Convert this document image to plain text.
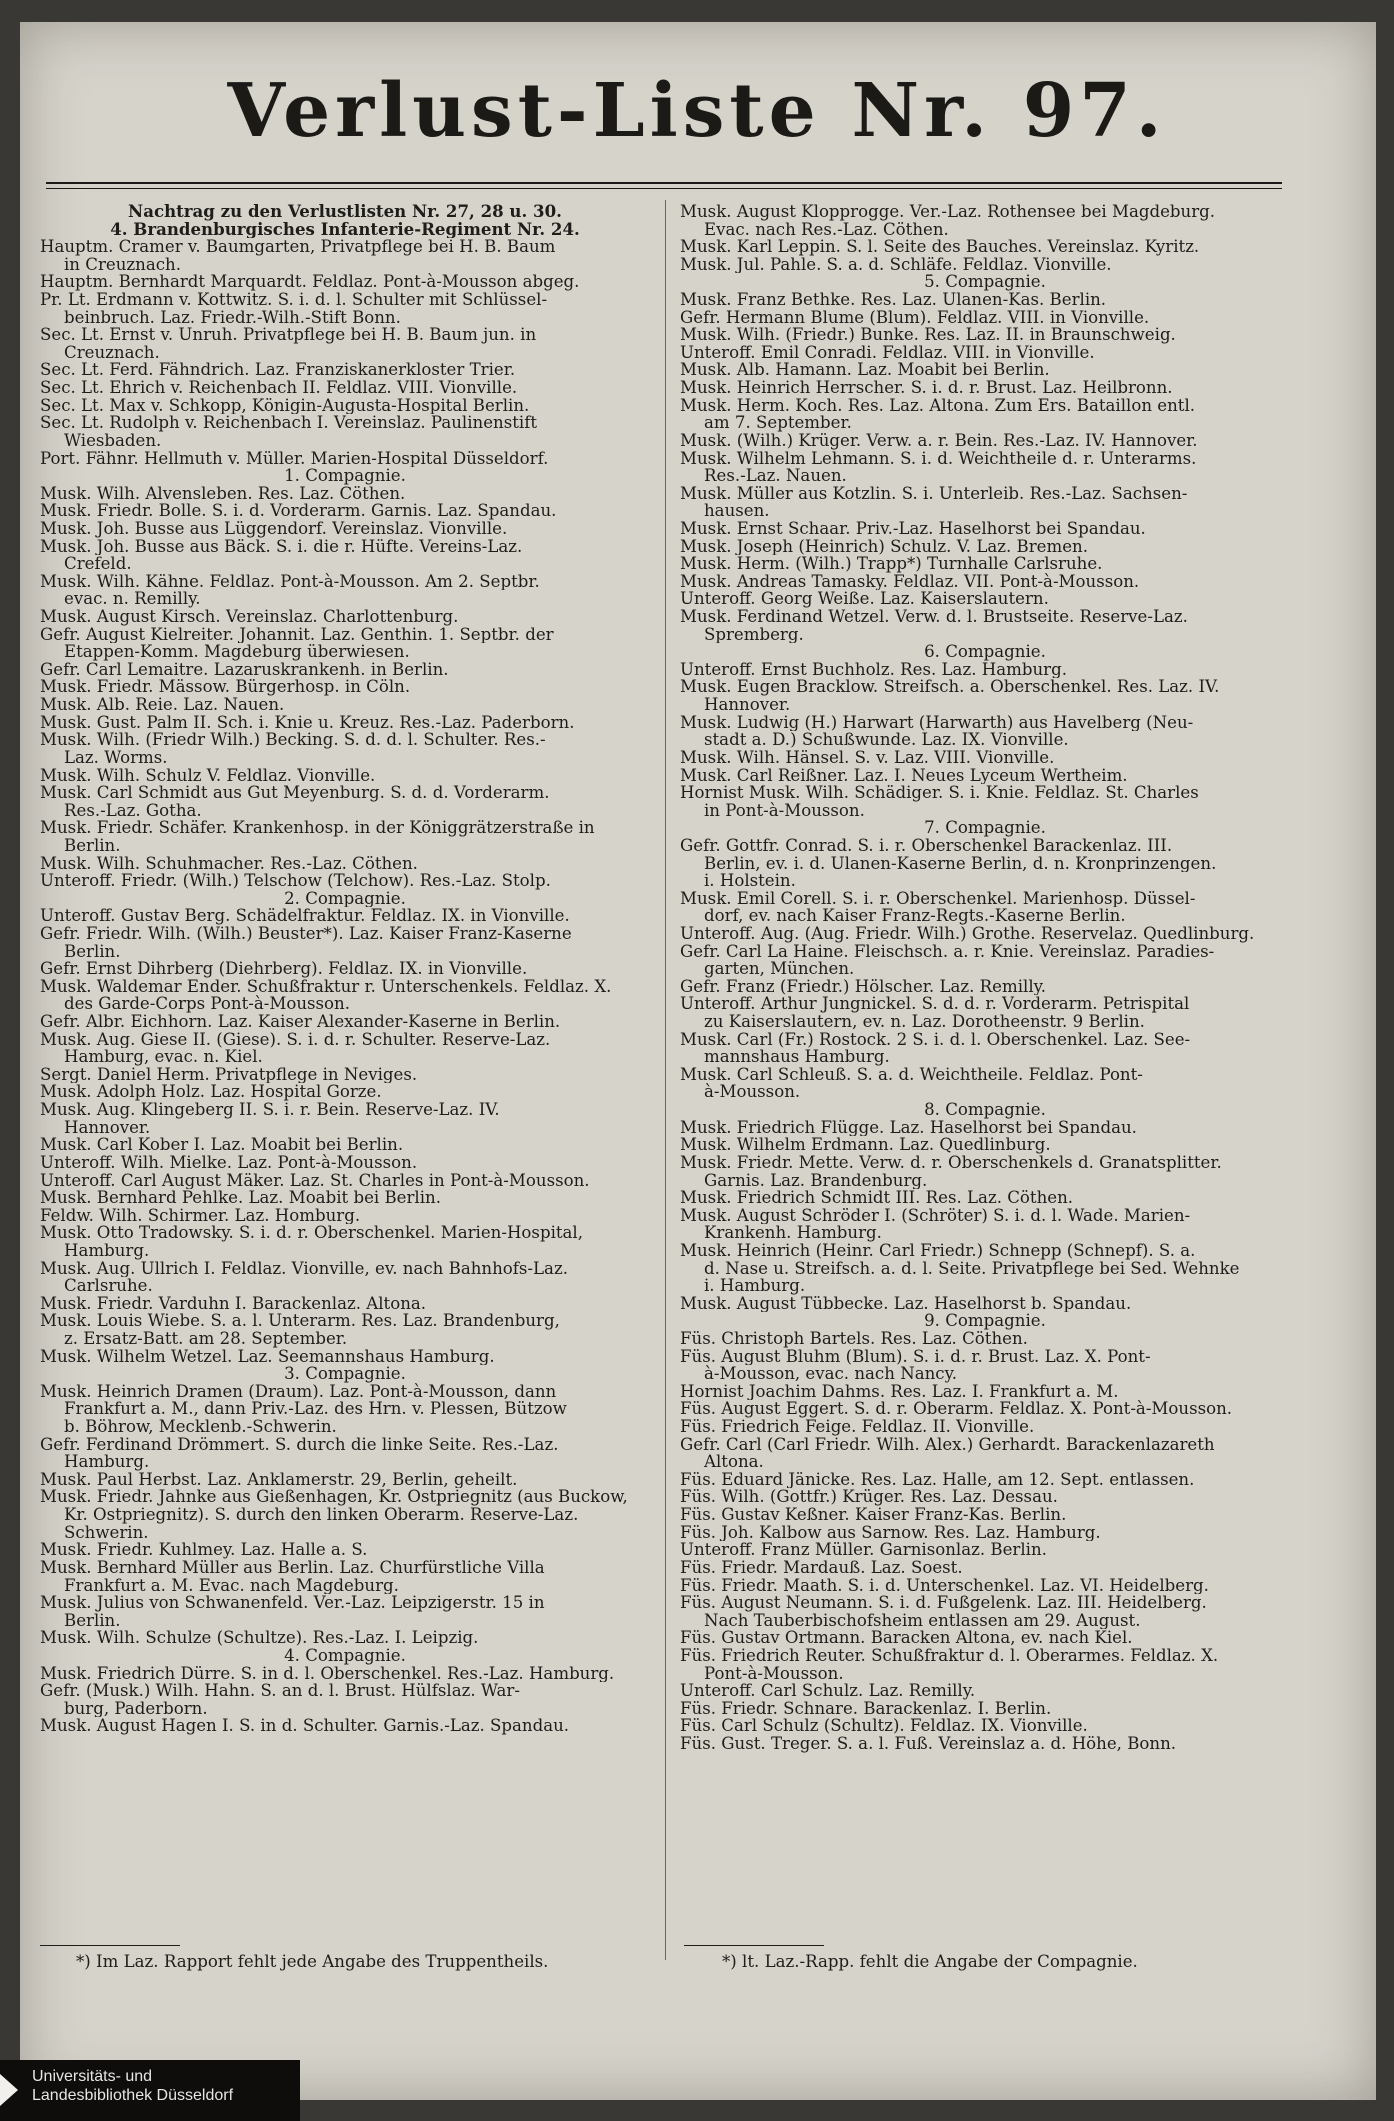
Verlust-Liste Nr. 97.
Nachtrag zu den Verlustlisten Nr. 27, 28 u. 30.
4. Brandenburgisches Infanterie-Regiment Nr. 24.
Hauptm. Cramer v. Baumgarten, Privatpflege bei H. B. Baum
in Creuznach.
Hauptm. Bernhardt Marquardt. Feldlaz. Pont-à-Mousson abgeg.
Pr. Lt. Erdmann v. Kottwitz. S. i. d. l. Schulter mit Schlüssel-
beinbruch. Laz. Friedr.-Wilh.-Stift Bonn.
Sec. Lt. Ernst v. Unruh. Privatpflege bei H. B. Baum jun. in
Creuznach.
Sec. Lt. Ferd. Fähndrich. Laz. Franziskanerkloster Trier.
Sec. Lt. Ehrich v. Reichenbach II. Feldlaz. VIII. Vionville.
Sec. Lt. Max v. Schkopp, Königin-Augusta-Hospital Berlin.
Sec. Lt. Rudolph v. Reichenbach I. Vereinslaz. Paulinenstift
Wiesbaden.
Port. Fähnr. Hellmuth v. Müller. Marien-Hospital Düsseldorf.
1. Compagnie.
Musk. Wilh. Alvensleben. Res. Laz. Cöthen.
Musk. Friedr. Bolle. S. i. d. Vorderarm. Garnis. Laz. Spandau.
Musk. Joh. Busse aus Lüggendorf. Vereinslaz. Vionville.
Musk. Joh. Busse aus Bäck. S. i. die r. Hüfte. Vereins-Laz.
Crefeld.
Musk. Wilh. Kähne. Feldlaz. Pont-à-Mousson. Am 2. Septbr.
evac. n. Remilly.
Musk. August Kirsch. Vereinslaz. Charlottenburg.
Gefr. August Kielreiter. Johannit. Laz. Genthin. 1. Septbr. der
Etappen-Komm. Magdeburg überwiesen.
Gefr. Carl Lemaitre. Lazaruskrankenh. in Berlin.
Musk. Friedr. Mässow. Bürgerhosp. in Cöln.
Musk. Alb. Reie. Laz. Nauen.
Musk. Gust. Palm II. Sch. i. Knie u. Kreuz. Res.-Laz. Paderborn.
Musk. Wilh. (Friedr Wilh.) Becking. S. d. d. l. Schulter. Res.-
Laz. Worms.
Musk. Wilh. Schulz V. Feldlaz. Vionville.
Musk. Carl Schmidt aus Gut Meyenburg. S. d. d. Vorderarm.
Res.-Laz. Gotha.
Musk. Friedr. Schäfer. Krankenhosp. in der Königgrätzerstraße in
Berlin.
Musk. Wilh. Schuhmacher. Res.-Laz. Cöthen.
Unteroff. Friedr. (Wilh.) Telschow (Telchow). Res.-Laz. Stolp.
2. Compagnie.
Unteroff. Gustav Berg. Schädelfraktur. Feldlaz. IX. in Vionville.
Gefr. Friedr. Wilh. (Wilh.) Beuster*). Laz. Kaiser Franz-Kaserne
Berlin.
Gefr. Ernst Dihrberg (Diehrberg). Feldlaz. IX. in Vionville.
Musk. Waldemar Ender. Schußfraktur r. Unterschenkels. Feldlaz. X.
des Garde-Corps Pont-à-Mousson.
Gefr. Albr. Eichhorn. Laz. Kaiser Alexander-Kaserne in Berlin.
Musk. Aug. Giese II. (Giese). S. i. d. r. Schulter. Reserve-Laz.
Hamburg, evac. n. Kiel.
Sergt. Daniel Herm. Privatpflege in Neviges.
Musk. Adolph Holz. Laz. Hospital Gorze.
Musk. Aug. Klingeberg II. S. i. r. Bein. Reserve-Laz. IV.
Hannover.
Musk. Carl Kober I. Laz. Moabit bei Berlin.
Unteroff. Wilh. Mielke. Laz. Pont-à-Mousson.
Unteroff. Carl August Mäker. Laz. St. Charles in Pont-à-Mousson.
Musk. Bernhard Pehlke. Laz. Moabit bei Berlin.
Feldw. Wilh. Schirmer. Laz. Homburg.
Musk. Otto Tradowsky. S. i. d. r. Oberschenkel. Marien-Hospital,
Hamburg.
Musk. Aug. Ullrich I. Feldlaz. Vionville, ev. nach Bahnhofs-Laz.
Carlsruhe.
Musk. Friedr. Varduhn I. Barackenlaz. Altona.
Musk. Louis Wiebe. S. a. l. Unterarm. Res. Laz. Brandenburg,
z. Ersatz-Batt. am 28. September.
Musk. Wilhelm Wetzel. Laz. Seemannshaus Hamburg.
3. Compagnie.
Musk. Heinrich Dramen (Draum). Laz. Pont-à-Mousson, dann
Frankfurt a. M., dann Priv.-Laz. des Hrn. v. Plessen, Bützow
b. Böhrow, Mecklenb.-Schwerin.
Gefr. Ferdinand Drömmert. S. durch die linke Seite. Res.-Laz.
Hamburg.
Musk. Paul Herbst. Laz. Anklamerstr. 29, Berlin, geheilt.
Musk. Friedr. Jahnke aus Gießenhagen, Kr. Ostpriegnitz (aus Buckow,
Kr. Ostpriegnitz). S. durch den linken Oberarm. Reserve-Laz.
Schwerin.
Musk. Friedr. Kuhlmey. Laz. Halle a. S.
Musk. Bernhard Müller aus Berlin. Laz. Churfürstliche Villa
Frankfurt a. M. Evac. nach Magdeburg.
Musk. Julius von Schwanenfeld. Ver.-Laz. Leipzigerstr. 15 in
Berlin.
Musk. Wilh. Schulze (Schultze). Res.-Laz. I. Leipzig.
4. Compagnie.
Musk. Friedrich Dürre. S. in d. l. Oberschenkel. Res.-Laz. Hamburg.
Gefr. (Musk.) Wilh. Hahn. S. an d. l. Brust. Hülfslaz. War-
burg, Paderborn.
Musk. August Hagen I. S. in d. Schulter. Garnis.-Laz. Spandau.
Musk. August Klopprogge. Ver.-Laz. Rothensee bei Magdeburg.
Evac. nach Res.-Laz. Cöthen.
Musk. Karl Leppin. S. l. Seite des Bauches. Vereinslaz. Kyritz.
Musk. Jul. Pahle. S. a. d. Schläfe. Feldlaz. Vionville.
5. Compagnie.
Musk. Franz Bethke. Res. Laz. Ulanen-Kas. Berlin.
Gefr. Hermann Blume (Blum). Feldlaz. VIII. in Vionville.
Musk. Wilh. (Friedr.) Bunke. Res. Laz. II. in Braunschweig.
Unteroff. Emil Conradi. Feldlaz. VIII. in Vionville.
Musk. Alb. Hamann. Laz. Moabit bei Berlin.
Musk. Heinrich Herrscher. S. i. d. r. Brust. Laz. Heilbronn.
Musk. Herm. Koch. Res. Laz. Altona. Zum Ers. Bataillon entl.
am 7. September.
Musk. (Wilh.) Krüger. Verw. a. r. Bein. Res.-Laz. IV. Hannover.
Musk. Wilhelm Lehmann. S. i. d. Weichtheile d. r. Unterarms.
Res.-Laz. Nauen.
Musk. Müller aus Kotzlin. S. i. Unterleib. Res.-Laz. Sachsen-
hausen.
Musk. Ernst Schaar. Priv.-Laz. Haselhorst bei Spandau.
Musk. Joseph (Heinrich) Schulz. V. Laz. Bremen.
Musk. Herm. (Wilh.) Trapp*) Turnhalle Carlsruhe.
Musk. Andreas Tamasky. Feldlaz. VII. Pont-à-Mousson.
Unteroff. Georg Weiße. Laz. Kaiserslautern.
Musk. Ferdinand Wetzel. Verw. d. l. Brustseite. Reserve-Laz.
Spremberg.
6. Compagnie.
Unteroff. Ernst Buchholz. Res. Laz. Hamburg.
Musk. Eugen Bracklow. Streifsch. a. Oberschenkel. Res. Laz. IV.
Hannover.
Musk. Ludwig (H.) Harwart (Harwarth) aus Havelberg (Neu-
stadt a. D.) Schußwunde. Laz. IX. Vionville.
Musk. Wilh. Hänsel. S. v. Laz. VIII. Vionville.
Musk. Carl Reißner. Laz. I. Neues Lyceum Wertheim.
Hornist Musk. Wilh. Schädiger. S. i. Knie. Feldlaz. St. Charles
in Pont-à-Mousson.
7. Compagnie.
Gefr. Gottfr. Conrad. S. i. r. Oberschenkel Barackenlaz. III.
Berlin, ev. i. d. Ulanen-Kaserne Berlin, d. n. Kronprinzengen.
i. Holstein.
Musk. Emil Corell. S. i. r. Oberschenkel. Marienhosp. Düssel-
dorf, ev. nach Kaiser Franz-Regts.-Kaserne Berlin.
Unteroff. Aug. (Aug. Friedr. Wilh.) Grothe. Reservelaz. Quedlinburg.
Gefr. Carl La Haine. Fleischsch. a. r. Knie. Vereinslaz. Paradies-
garten, München.
Gefr. Franz (Friedr.) Hölscher. Laz. Remilly.
Unteroff. Arthur Jungnickel. S. d. d. r. Vorderarm. Petrispital
zu Kaiserslautern, ev. n. Laz. Dorotheenstr. 9 Berlin.
Musk. Carl (Fr.) Rostock. 2 S. i. d. l. Oberschenkel. Laz. See-
mannshaus Hamburg.
Musk. Carl Schleuß. S. a. d. Weichtheile. Feldlaz. Pont-
à-Mousson.
8. Compagnie.
Musk. Friedrich Flügge. Laz. Haselhorst bei Spandau.
Musk. Wilhelm Erdmann. Laz. Quedlinburg.
Musk. Friedr. Mette. Verw. d. r. Oberschenkels d. Granatsplitter.
Garnis. Laz. Brandenburg.
Musk. Friedrich Schmidt III. Res. Laz. Cöthen.
Musk. August Schröder I. (Schröter) S. i. d. l. Wade. Marien-
Krankenh. Hamburg.
Musk. Heinrich (Heinr. Carl Friedr.) Schnepp (Schnepf). S. a.
d. Nase u. Streifsch. a. d. l. Seite. Privatpflege bei Sed. Wehnke
i. Hamburg.
Musk. August Tübbecke. Laz. Haselhorst b. Spandau.
9. Compagnie.
Füs. Christoph Bartels. Res. Laz. Cöthen.
Füs. August Bluhm (Blum). S. i. d. r. Brust. Laz. X. Pont-
à-Mousson, evac. nach Nancy.
Hornist Joachim Dahms. Res. Laz. I. Frankfurt a. M.
Füs. August Eggert. S. d. r. Oberarm. Feldlaz. X. Pont-à-Mousson.
Füs. Friedrich Feige. Feldlaz. II. Vionville.
Gefr. Carl (Carl Friedr. Wilh. Alex.) Gerhardt. Barackenlazareth
Altona.
Füs. Eduard Jänicke. Res. Laz. Halle, am 12. Sept. entlassen.
Füs. Wilh. (Gottfr.) Krüger. Res. Laz. Dessau.
Füs. Gustav Keßner. Kaiser Franz-Kas. Berlin.
Füs. Joh. Kalbow aus Sarnow. Res. Laz. Hamburg.
Unteroff. Franz Müller. Garnisonlaz. Berlin.
Füs. Friedr. Mardauß. Laz. Soest.
Füs. Friedr. Maath. S. i. d. Unterschenkel. Laz. VI. Heidelberg.
Füs. August Neumann. S. i. d. Fußgelenk. Laz. III. Heidelberg.
Nach Tauberbischofsheim entlassen am 29. August.
Füs. Gustav Ortmann. Baracken Altona, ev. nach Kiel.
Füs. Friedrich Reuter. Schußfraktur d. l. Oberarmes. Feldlaz. X.
Pont-à-Mousson.
Unteroff. Carl Schulz. Laz. Remilly.
Füs. Friedr. Schnare. Barackenlaz. I. Berlin.
Füs. Carl Schulz (Schultz). Feldlaz. IX. Vionville.
Füs. Gust. Treger. S. a. l. Fuß. Vereinslaz a. d. Höhe, Bonn.
*) Im Laz. Rapport fehlt jede Angabe des Truppentheils.	*) lt. Laz.-Rapp. fehlt die Angabe der Compagnie.
Universitäts- und
Landesbibliothek Düsseldorf
